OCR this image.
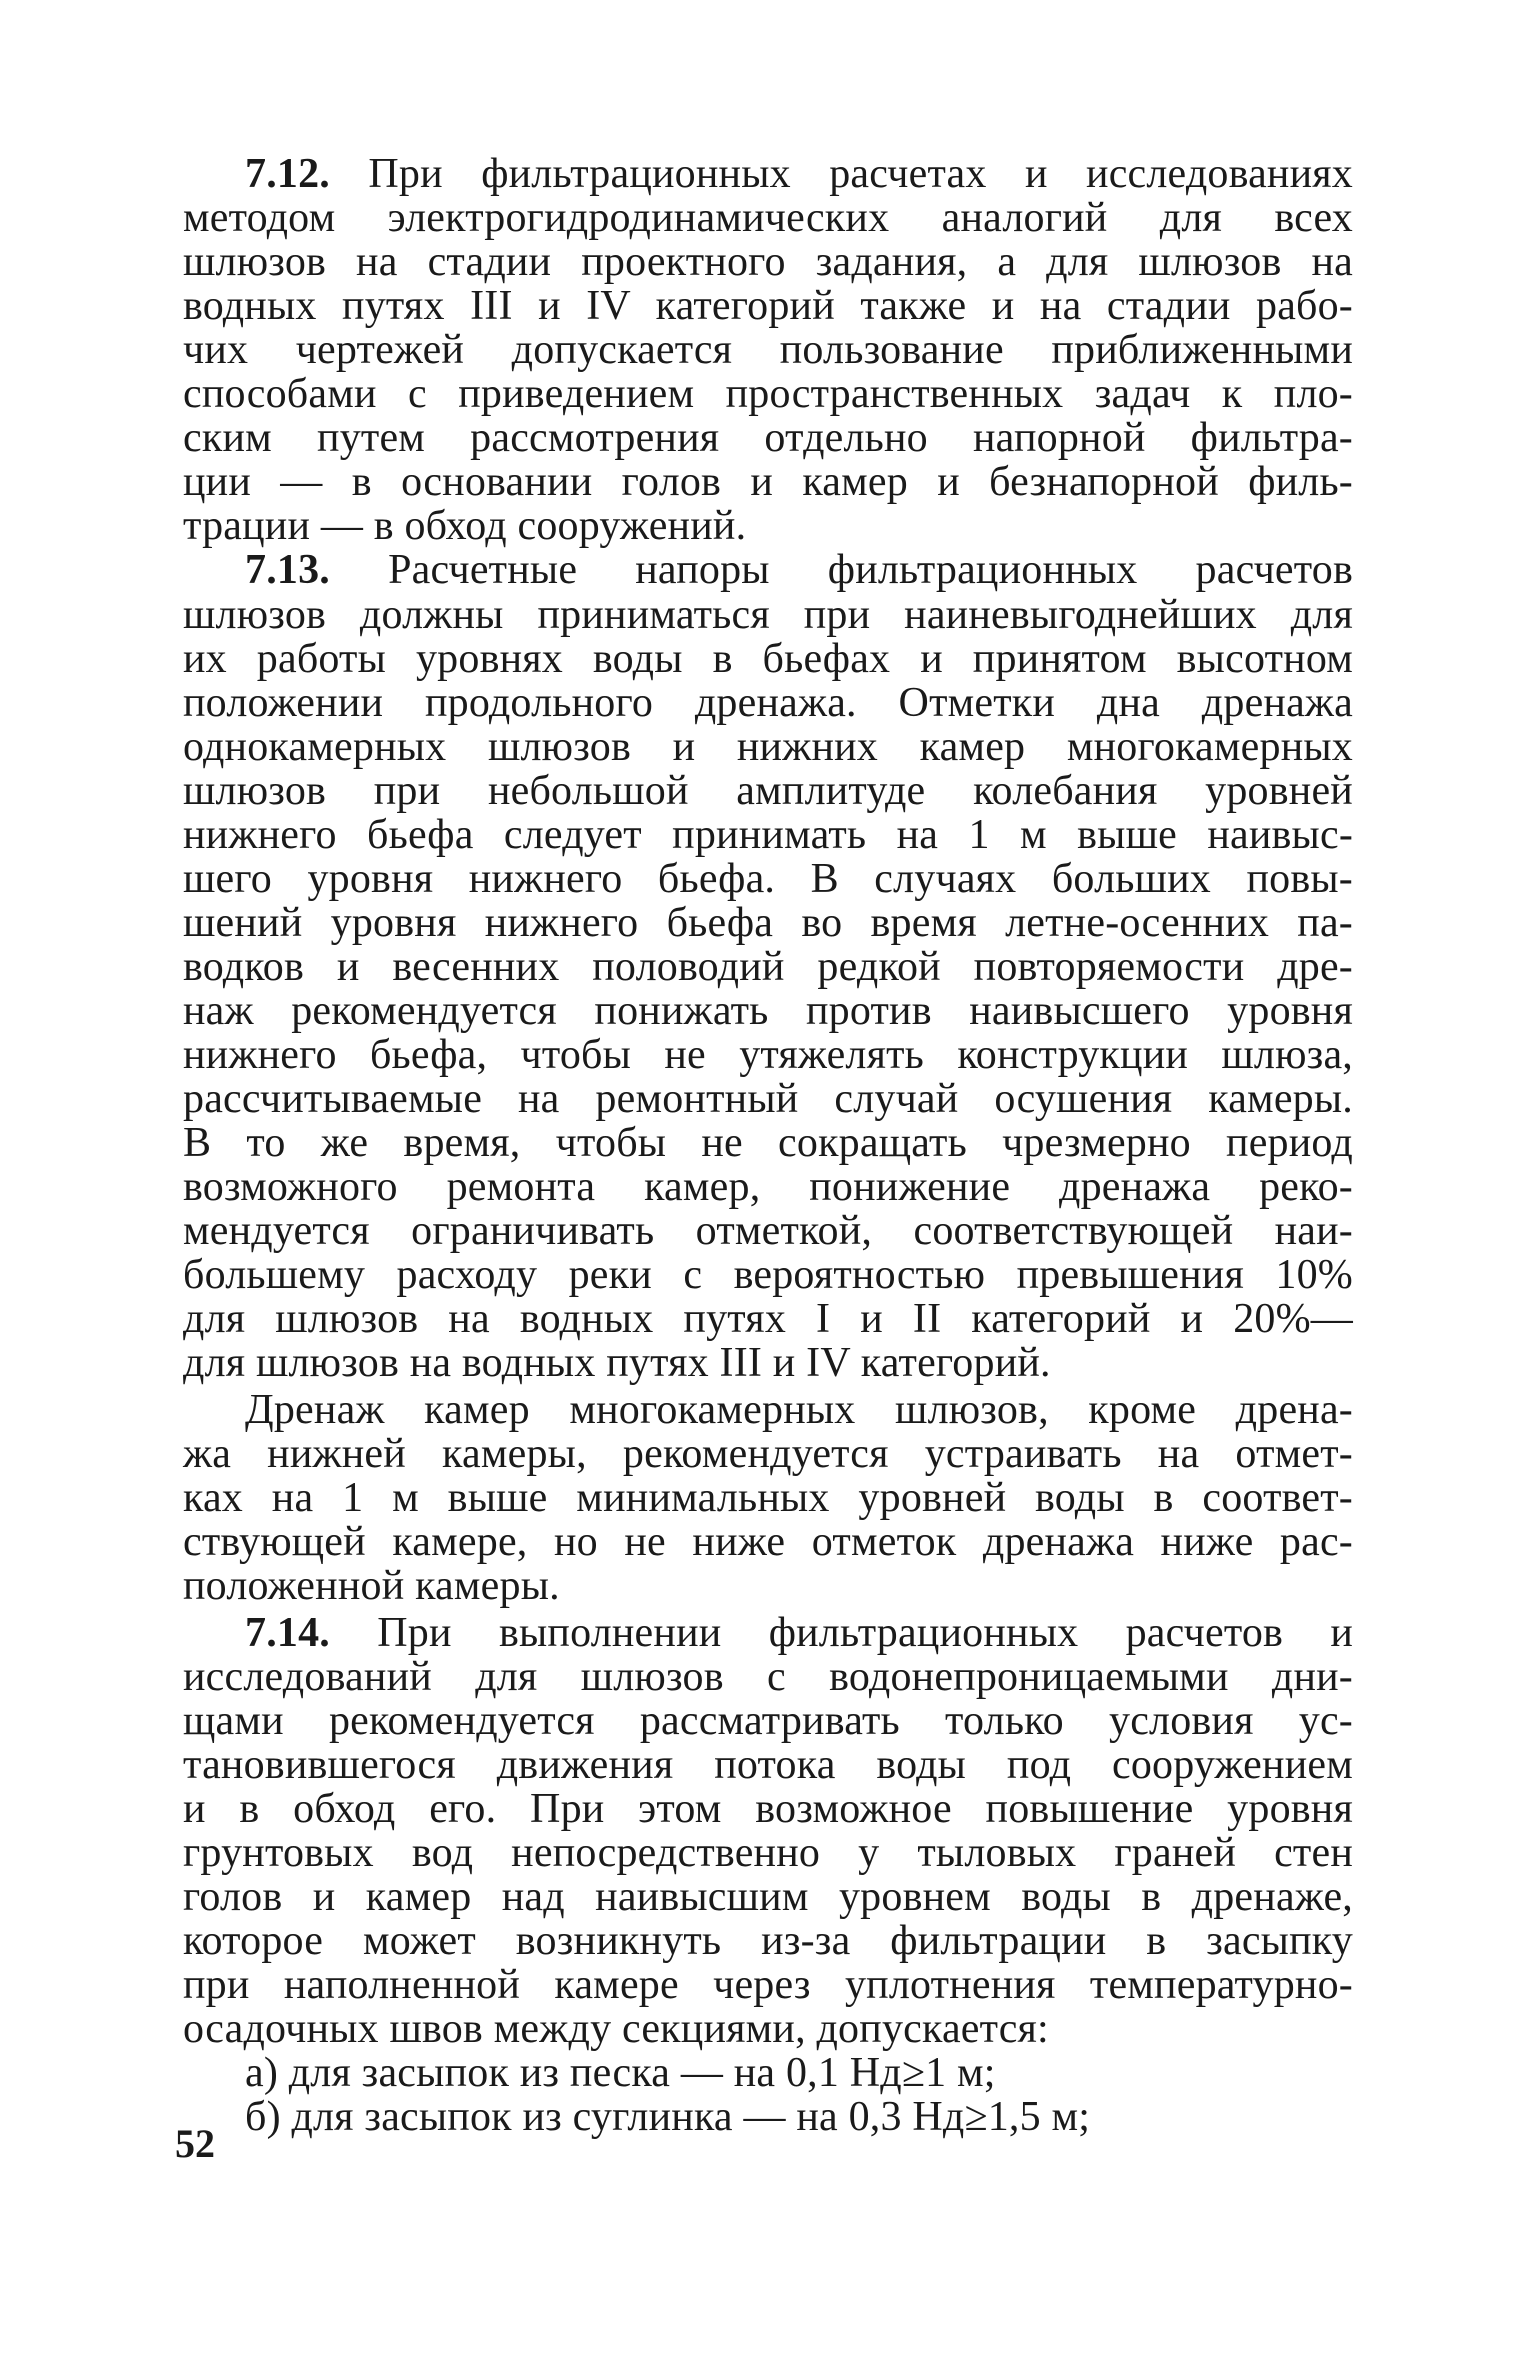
7.12. При фильтрационных расчетах и исследованиях
методом электрогидродинамических аналогий для всех
шлюзов на стадии проектного задания, а для шлюзов на
водных путях III и IV категорий также и на стадии рабо-
чих чертежей допускается пользование приближенными
способами с приведением пространственных задач к пло-
ским путем рассмотрения отдельно напорной фильтра-
ции — в основании голов и камер и безнапорной филь-
трации — в обход сооружений.
7.13. Расчетные напоры фильтрационных расчетов
шлюзов должны приниматься при наиневыгоднейших для
их работы уровнях воды в бьефах и принятом высотном
положении продольного дренажа. Отметки дна дренажа
однокамерных шлюзов и нижних камер многокамерных
шлюзов при небольшой амплитуде колебания уровней
нижнего бьефа следует принимать на 1 м выше наивыс-
шего уровня нижнего бьефа. В случаях больших повы-
шений уровня нижнего бьефа во время летне-осенних па-
водков и весенних половодий редкой повторяемости дре-
наж рекомендуется понижать против наивысшего уровня
нижнего бьефа, чтобы не утяжелять конструкции шлюза,
рассчитываемые на ремонтный случай осушения камеры.
В то же время, чтобы не сокращать чрезмерно период
возможного ремонта камер, понижение дренажа реко-
мендуется ограничивать отметкой, соответствующей наи-
большему расходу реки с вероятностью превышения 10%
для шлюзов на водных путях I и II категорий и 20%—
для шлюзов на водных путях III и IV категорий.
Дренаж камер многокамерных шлюзов, кроме дрена-
жа нижней камеры, рекомендуется устраивать на отмет-
ках на 1 м выше минимальных уровней воды в соответ-
ствующей камере, но не ниже отметок дренажа ниже рас-
положенной камеры.
7.14. При выполнении фильтрационных расчетов и
исследований для шлюзов с водонепроницаемыми дни-
щами рекомендуется рассматривать только условия ус-
тановившегося движения потока воды под сооружением
и в обход его. При этом возможное повышение уровня
грунтовых вод непосредственно у тыловых граней стен
голов и камер над наивысшим уровнем воды в дренаже,
которое может возникнуть из-за фильтрации в засыпку
при наполненной камере через уплотнения температурно-
осадочных швов между секциями, допускается:
а) для засыпок из песка — на 0,1 Hд≥1 м;
б) для засыпок из суглинка — на 0,3 Hд≥1,5 м;
52
